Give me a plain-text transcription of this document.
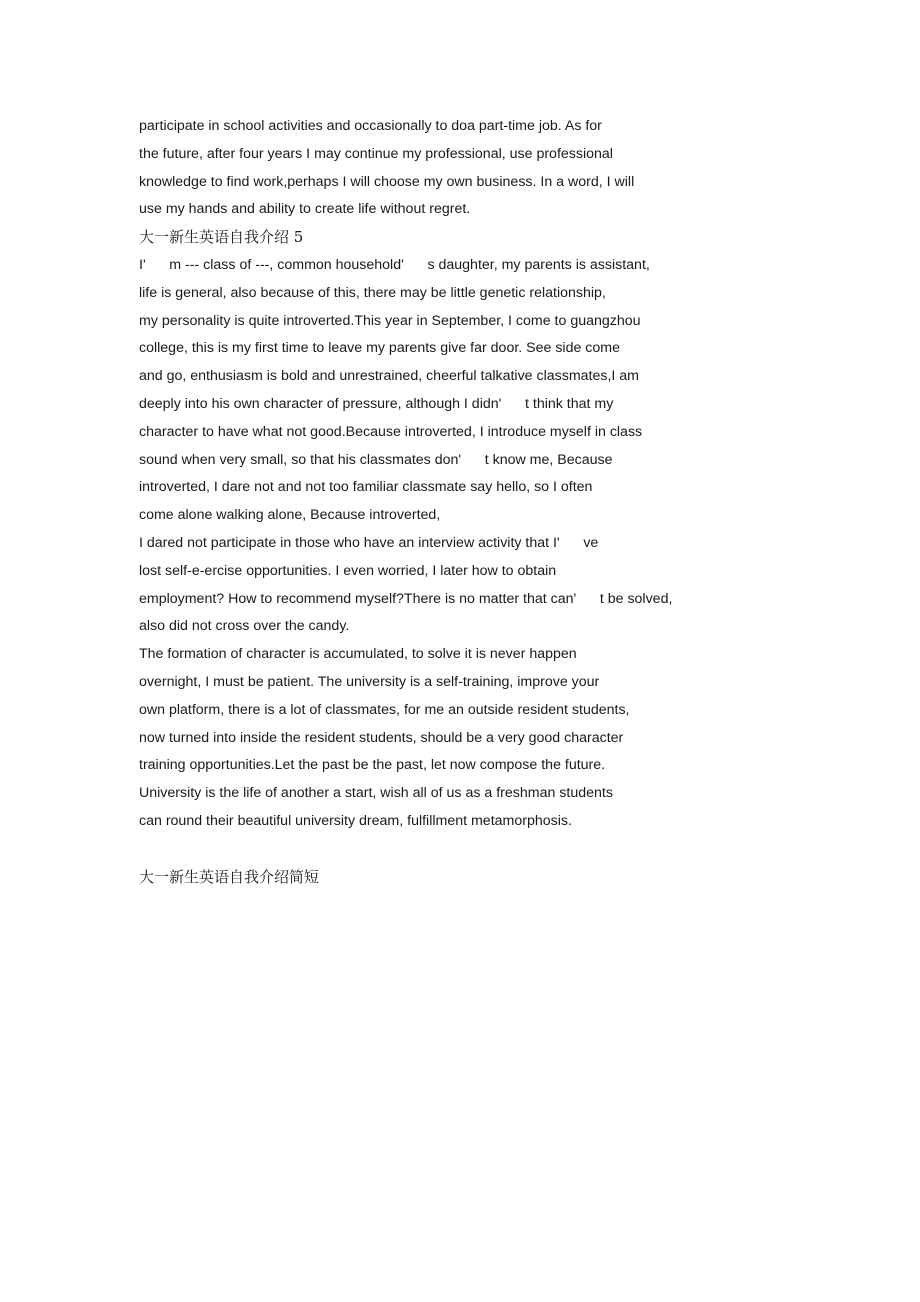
participate in school activities and occasionally to doa part-time job. As for
the future, after four years I may continue my professional, use professional
knowledge to find work,perhaps I will choose my own business. In a word, I will
use my hands and ability to create life without regret.
大一新生英语自我介绍 5
I'      m --- class of ---, common household'      s daughter, my parents is assistant,
life is general, also because of this, there may be little genetic relationship,
my personality is quite introverted.This year in September, I come to guangzhou
college, this is my first time to leave my parents give far door. See side come
and go, enthusiasm is bold and unrestrained, cheerful talkative classmates,I am
deeply into his own character of pressure, although I didn'      t think that my
character to have what not good.Because introverted, I introduce myself in class
sound when very small, so that his classmates don'      t know me, Because
introverted, I dare not and not too familiar classmate say hello, so I often
come alone walking alone, Because introverted,
I dared not participate in those who have an interview activity that I'      ve
lost self-e-ercise opportunities. I even worried, I later how to obtain
employment? How to recommend myself?There is no matter that can'      t be solved,
also did not cross over the candy.
The formation of character is accumulated, to solve it is never happen
overnight, I must be patient. The university is a self-training, improve your
own platform, there is a lot of classmates, for me an outside resident students,
now turned into inside the resident students, should be a very good character
training opportunities.Let the past be the past, let now compose the future.
University is the life of another a start, wish all of us as a freshman students
can round their beautiful university dream, fulfillment metamorphosis.
大一新生英语自我介绍简短
